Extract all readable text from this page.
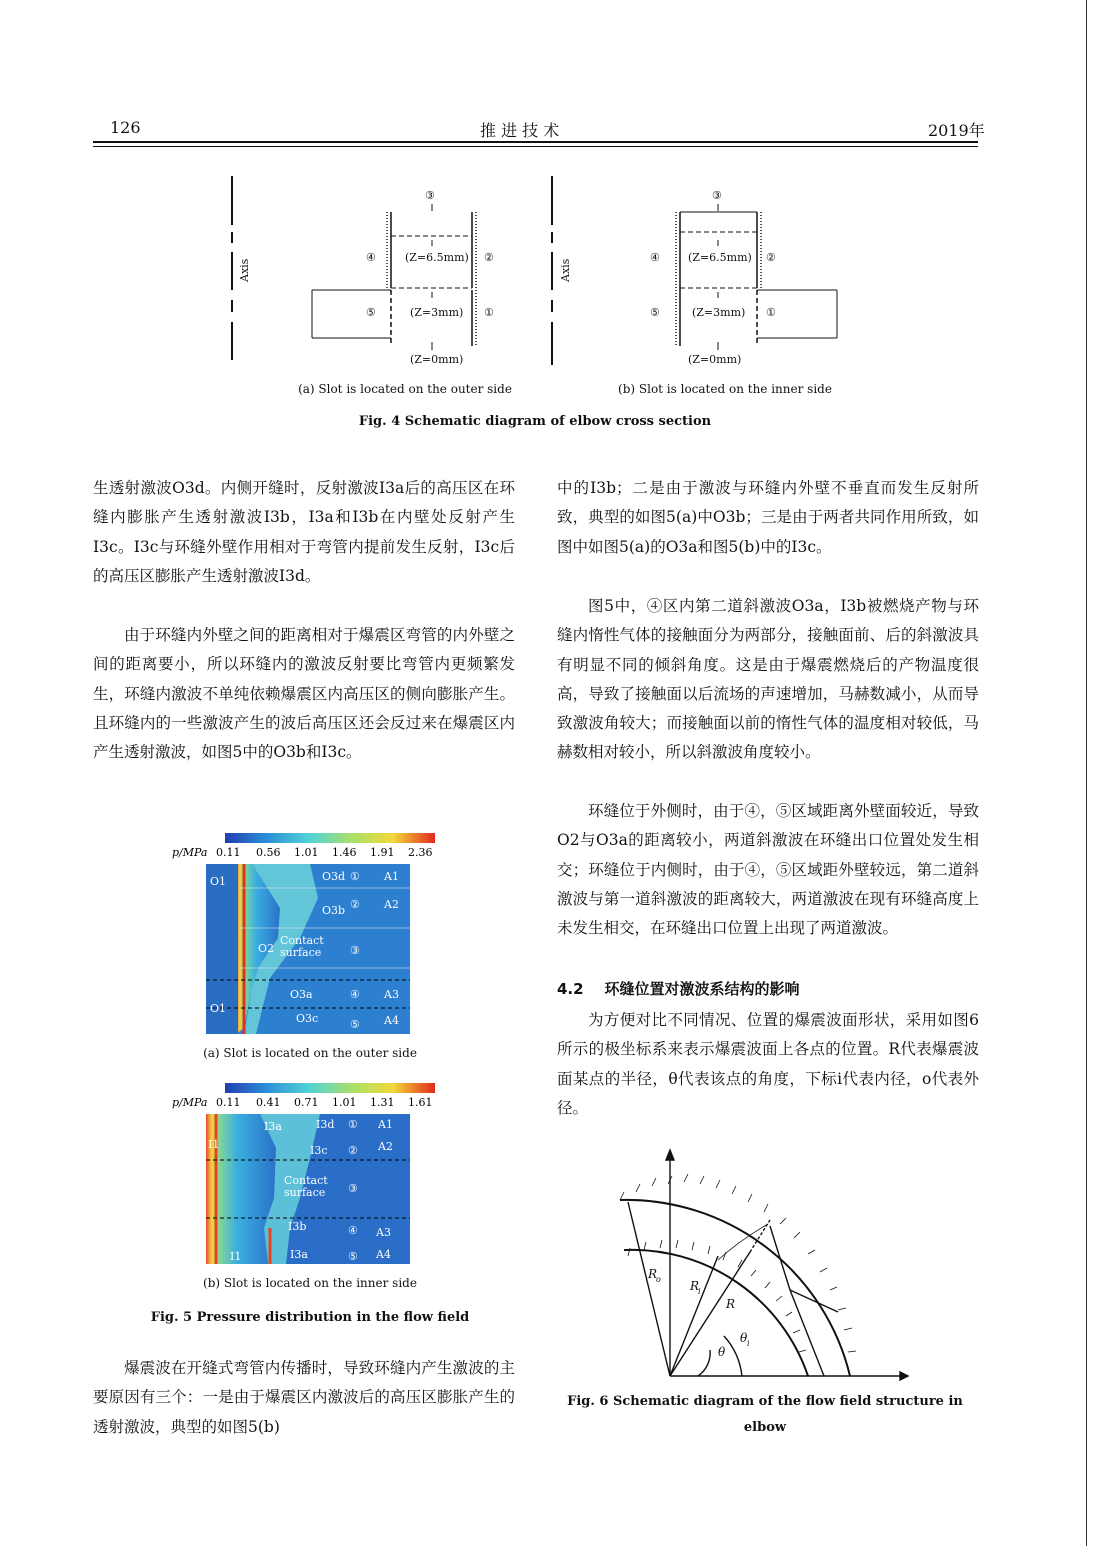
126	推 进 技 术	2019年
Axis	Axis
③
(Z=6.5mm)
④	②
(Z=3mm)
⑤	①
(Z=0mm)
③
(Z=6.5mm)
④	②
(Z=3mm)
⑤	①
(Z=0mm)
(a) Slot is located on the outer side	(b) Slot is located on the inner side
Fig. 4 Schematic diagram of elbow cross section

生透射激波O3d。内侧开缝时，反射激波I3a后的高压区在环缝内膨胀产生透射激波I3b，I3a和I3b在内壁处反射产生I3c。I3c与环缝外壁作用相对于弯管内提前发生反射，I3c后的高压区膨胀产生透射激波I3d。

由于环缝内外壁之间的距离相对于爆震区弯管的内外壁之间的距离要小，所以环缝内的激波反射要比弯管内更频繁发生，环缝内激波不单纯依赖爆震区内高压区的侧向膨胀产生。且环缝内的一些激波产生的波后高压区还会反过来在爆震区内产生透射激波，如图5中的O3b和I3c。

p/MPa 0.11 0.56 1.01 1.46 1.91 2.36
O1	O3d ① A1
O3b ② A2
O2
Contact
surface	③
O3a	④ A3
O1
O3c	⑤ A4
p/MPa 0.11 0.41 0.71 1.01 1.31 1.61
I3a	I3d ① A1
I1	I3c ② A2
Contact
surface ③
I3b	④ A3
I1	I3a	⑤ A4
(a) Slot is located on the outer side
(b) Slot is located on the inner side
Fig. 5 Pressure distribution in the flow field

爆震波在开缝式弯管内传播时，导致环缝内产生激波的主要原因有三个：一是由于爆震区内激波后的高压区膨胀产生的透射激波，典型的如图5(b)

中的I3b；二是由于激波与环缝内外壁不垂直而发生反射所致，典型的如图5(a)中O3b；三是由于两者共同作用所致，如图中如图5(a)的O3a和图5(b)中的I3c。

图5中，④区内第二道斜激波O3a，I3b被燃烧产物与环缝内惰性气体的接触面分为两部分，接触面前、后的斜激波具有明显不同的倾斜角度。这是由于爆震燃烧后的产物温度很高，导致了接触面以后流场的声速增加，马赫数减小，从而导致激波角较大；而接触面以前的惰性气体的温度相对较低，马赫数相对较小，所以斜激波角度较小。

环缝位于外侧时，由于④，⑤区域距离外壁面较近，导致O2与O3a的距离较小，两道斜激波在环缝出口位置处发生相交；环缝位于内侧时，由于④，⑤区域距外壁较远，第二道斜激波与第一道斜激波的距离较大，两道激波在现有环缝高度上未发生相交，在环缝出口位置上出现了两道激波。

4.2    环缝位置对激波系结构的影响

为方便对比不同情况、位置的爆震波面形状，采用如图6所示的极坐标系来表示爆震波面上各点的位置。R代表爆震波面某点的半径，θ代表该点的角度，下标i代表内径，o代表外径。

R
o R
i
R
θ
θ i
Fig. 6 Schematic diagram of the flow field structure in
elbow
